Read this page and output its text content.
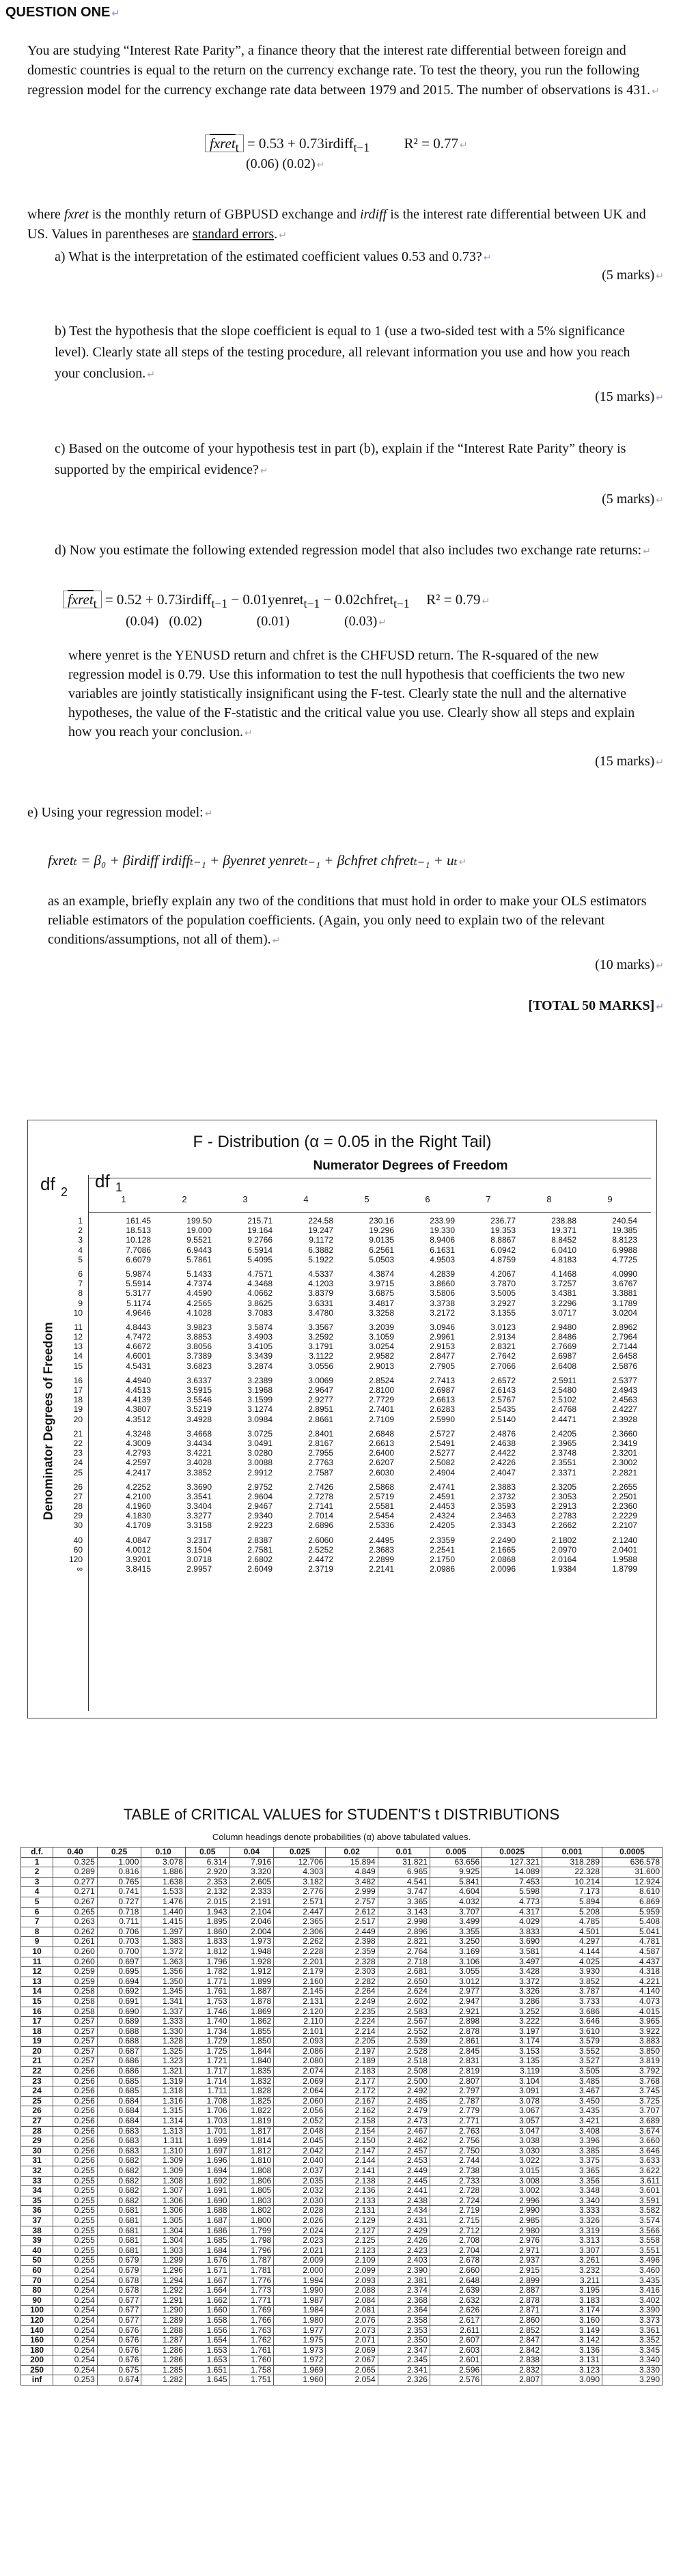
QUESTION ONE ↵
You are studying “Interest Rate Parity”, a finance theory that the interest rate differential between foreign and domestic countries is equal to the return on the currency exchange rate. To test the theory, you run the following regression model for the currency exchange rate data between 1979 and 2015. The number of observations is 431. ↵
fxret$_t$ = 0.53 + 0.73irdiff$_{t-1}$ R² = 0.77 ↵
(0.06) (0.02) ↵
where fxret is the monthly return of GBPUSD exchange and irdiff is the interest rate differential between UK and US. Values in parentheses are standard errors. ↵
a) What is the interpretation of the estimated coefficient values 0.53 and 0.73? ↵
(5 marks) ↵
b) Test the hypothesis that the slope coefficient is equal to 1 (use a two-sided test with a 5% significance level). Clearly state all steps of the testing procedure, all relevant information you use and how you reach your conclusion. ↵
(15 marks) ↵
c) Based on the outcome of your hypothesis test in part (b), explain if the “Interest Rate Parity” theory is supported by the empirical evidence? ↵
(5 marks) ↵
d) Now you estimate the following extended regression model that also includes two exchange rate returns: ↵
fxret$_t$ = 0.52 + 0.73irdiff$_{t-1}$ − 0.01yenret$_{t-1}$ − 0.02chfret$_{t-1}$ R² = 0.79 ↵
(0.04)   (0.02)                (0.01)                (0.03) ↵
where yenret is the YENUSD return and chfret is the CHFUSD return. The R-squared of the new regression model is 0.79. Use this information to test the null hypothesis that coefficients the two new variables are jointly statistically insignificant using the F-test. Clearly state the null and the alternative hypotheses, the value of the F-statistic and the critical value you use. Clearly show all steps and explain how you reach your conclusion. ↵
(15 marks) ↵
e) Using your regression model: ↵
fxretₜ = β₀ + βirdiff irdiffₜ₋₁ + βyenret yenretₜ₋₁ + βchfret chfretₜ₋₁ + uₜ ↵
as an example, briefly explain any two of the conditions that must hold in order to make your OLS estimators reliable estimators of the population coefficients. (Again, you only need to explain two of the relevant conditions/assumptions, not all of them). ↵
(10 marks) ↵
[TOTAL 50 MARKS] ↵
F - Distribution (α = 0.05 in the Right Tail)
Numerator Degrees of Freedom
df 2
df 1
Denominator Degrees of Freedom
1	2	3	4	5	6	7	8	9
1	161.45	199.50	215.71	224.58	230.16	233.99	236.77	238.88	240.54
2	18.513	19.000	19.164	19.247	19.296	19.330	19.353	19.371	19.385
3	10.128	9.5521	9.2766	9.1172	9.0135	8.9406	8.8867	8.8452	8.8123
4	7.7086	6.9443	6.5914	6.3882	6.2561	6.1631	6.0942	6.0410	6.9988
5	6.6079	5.7861	5.4095	5.1922	5.0503	4.9503	4.8759	4.8183	4.7725
6	5.9874	5.1433	4.7571	4.5337	4.3874	4.2839	4.2067	4.1468	4.0990
7	5.5914	4.7374	4.3468	4.1203	3.9715	3.8660	3.7870	3.7257	3.6767
8	5.3177	4.4590	4.0662	3.8379	3.6875	3.5806	3.5005	3.4381	3.3881
9	5.1174	4.2565	3.8625	3.6331	3.4817	3.3738	3.2927	3.2296	3.1789
10	4.9646	4.1028	3.7083	3.4780	3.3258	3.2172	3.1355	3.0717	3.0204
11	4.8443	3.9823	3.5874	3.3567	3.2039	3.0946	3.0123	2.9480	2.8962
12	4.7472	3.8853	3.4903	3.2592	3.1059	2.9961	2.9134	2.8486	2.7964
13	4.6672	3.8056	3.4105	3.1791	3.0254	2.9153	2.8321	2.7669	2.7144
14	4.6001	3.7389	3.3439	3.1122	2.9582	2.8477	2.7642	2.6987	2.6458
15	4.5431	3.6823	3.2874	3.0556	2.9013	2.7905	2.7066	2.6408	2.5876
16	4.4940	3.6337	3.2389	3.0069	2.8524	2.7413	2.6572	2.5911	2.5377
17	4.4513	3.5915	3.1968	2.9647	2.8100	2.6987	2.6143	2.5480	2.4943
18	4.4139	3.5546	3.1599	2.9277	2.7729	2.6613	2.5767	2.5102	2.4563
19	4.3807	3.5219	3.1274	2.8951	2.7401	2.6283	2.5435	2.4768	2.4227
20	4.3512	3.4928	3.0984	2.8661	2.7109	2.5990	2.5140	2.4471	2.3928
21	4.3248	3.4668	3.0725	2.8401	2.6848	2.5727	2.4876	2.4205	2.3660
22	4.3009	3.4434	3.0491	2.8167	2.6613	2.5491	2.4638	2.3965	2.3419
23	4.2793	3.4221	3.0280	2.7955	2.6400	2.5277	2.4422	2.3748	2.3201
24	4.2597	3.4028	3.0088	2.7763	2.6207	2.5082	2.4226	2.3551	2.3002
25	4.2417	3.3852	2.9912	2.7587	2.6030	2.4904	2.4047	2.3371	2.2821
26	4.2252	3.3690	2.9752	2.7426	2.5868	2.4741	2.3883	2.3205	2.2655
27	4.2100	3.3541	2.9604	2.7278	2.5719	2.4591	2.3732	2.3053	2.2501
28	4.1960	3.3404	2.9467	2.7141	2.5581	2.4453	2.3593	2.2913	2.2360
29	4.1830	3.3277	2.9340	2.7014	2.5454	2.4324	2.3463	2.2783	2.2229
30	4.1709	3.3158	2.9223	2.6896	2.5336	2.4205	2.3343	2.2662	2.2107
40	4.0847	3.2317	2.8387	2.6060	2.4495	2.3359	2.2490	2.1802	2.1240
60	4.0012	3.1504	2.7581	2.5252	2.3683	2.2541	2.1665	2.0970	2.0401
120	3.9201	3.0718	2.6802	2.4472	2.2899	2.1750	2.0868	2.0164	1.9588
∞	3.8415	2.9957	2.6049	2.3719	2.2141	2.0986	2.0096	1.9384	1.8799
TABLE of CRITICAL VALUES for STUDENT'S t DISTRIBUTIONS
Column headings denote probabilities (α) above tabulated values.
d.f.	0.40	0.25	0.10	0.05	0.04	0.025	0.02	0.01	0.005	0.0025	0.001	0.0005
1	0.325	1.000	3.078	6.314	7.916	12.706	15.894	31.821	63.656	127.321	318.289	636.578
2	0.289	0.816	1.886	2.920	3.320	4.303	4.849	6.965	9.925	14.089	22.328	31.600
3	0.277	0.765	1.638	2.353	2.605	3.182	3.482	4.541	5.841	7.453	10.214	12.924
4	0.271	0.741	1.533	2.132	2.333	2.776	2.999	3.747	4.604	5.598	7.173	8.610
5	0.267	0.727	1.476	2.015	2.191	2.571	2.757	3.365	4.032	4.773	5.894	6.869
6	0.265	0.718	1.440	1.943	2.104	2.447	2.612	3.143	3.707	4.317	5.208	5.959
7	0.263	0.711	1.415	1.895	2.046	2.365	2.517	2.998	3.499	4.029	4.785	5.408
8	0.262	0.706	1.397	1.860	2.004	2.306	2.449	2.896	3.355	3.833	4.501	5.041
9	0.261	0.703	1.383	1.833	1.973	2.262	2.398	2.821	3.250	3.690	4.297	4.781
10	0.260	0.700	1.372	1.812	1.948	2.228	2.359	2.764	3.169	3.581	4.144	4.587
11	0.260	0.697	1.363	1.796	1.928	2.201	2.328	2.718	3.106	3.497	4.025	4.437
12	0.259	0.695	1.356	1.782	1.912	2.179	2.303	2.681	3.055	3.428	3.930	4.318
13	0.259	0.694	1.350	1.771	1.899	2.160	2.282	2.650	3.012	3.372	3.852	4.221
14	0.258	0.692	1.345	1.761	1.887	2.145	2.264	2.624	2.977	3.326	3.787	4.140
15	0.258	0.691	1.341	1.753	1.878	2.131	2.249	2.602	2.947	3.286	3.733	4.073
16	0.258	0.690	1.337	1.746	1.869	2.120	2.235	2.583	2.921	3.252	3.686	4.015
17	0.257	0.689	1.333	1.740	1.862	2.110	2.224	2.567	2.898	3.222	3.646	3.965
18	0.257	0.688	1.330	1.734	1.855	2.101	2.214	2.552	2.878	3.197	3.610	3.922
19	0.257	0.688	1.328	1.729	1.850	2.093	2.205	2.539	2.861	3.174	3.579	3.883
20	0.257	0.687	1.325	1.725	1.844	2.086	2.197	2.528	2.845	3.153	3.552	3.850
21	0.257	0.686	1.323	1.721	1.840	2.080	2.189	2.518	2.831	3.135	3.527	3.819
22	0.256	0.686	1.321	1.717	1.835	2.074	2.183	2.508	2.819	3.119	3.505	3.792
23	0.256	0.685	1.319	1.714	1.832	2.069	2.177	2.500	2.807	3.104	3.485	3.768
24	0.256	0.685	1.318	1.711	1.828	2.064	2.172	2.492	2.797	3.091	3.467	3.745
25	0.256	0.684	1.316	1.708	1.825	2.060	2.167	2.485	2.787	3.078	3.450	3.725
26	0.256	0.684	1.315	1.706	1.822	2.056	2.162	2.479	2.779	3.067	3.435	3.707
27	0.256	0.684	1.314	1.703	1.819	2.052	2.158	2.473	2.771	3.057	3.421	3.689
28	0.256	0.683	1.313	1.701	1.817	2.048	2.154	2.467	2.763	3.047	3.408	3.674
29	0.256	0.683	1.311	1.699	1.814	2.045	2.150	2.462	2.756	3.038	3.396	3.660
30	0.256	0.683	1.310	1.697	1.812	2.042	2.147	2.457	2.750	3.030	3.385	3.646
31	0.256	0.682	1.309	1.696	1.810	2.040	2.144	2.453	2.744	3.022	3.375	3.633
32	0.255	0.682	1.309	1.694	1.808	2.037	2.141	2.449	2.738	3.015	3.365	3.622
33	0.255	0.682	1.308	1.692	1.806	2.035	2.138	2.445	2.733	3.008	3.356	3.611
34	0.255	0.682	1.307	1.691	1.805	2.032	2.136	2.441	2.728	3.002	3.348	3.601
35	0.255	0.682	1.306	1.690	1.803	2.030	2.133	2.438	2.724	2.996	3.340	3.591
36	0.255	0.681	1.306	1.688	1.802	2.028	2.131	2.434	2.719	2.990	3.333	3.582
37	0.255	0.681	1.305	1.687	1.800	2.026	2.129	2.431	2.715	2.985	3.326	3.574
38	0.255	0.681	1.304	1.686	1.799	2.024	2.127	2.429	2.712	2.980	3.319	3.566
39	0.255	0.681	1.304	1.685	1.798	2.023	2.125	2.426	2.708	2.976	3.313	3.558
40	0.255	0.681	1.303	1.684	1.796	2.021	2.123	2.423	2.704	2.971	3.307	3.551
50	0.255	0.679	1.299	1.676	1.787	2.009	2.109	2.403	2.678	2.937	3.261	3.496
60	0.254	0.679	1.296	1.671	1.781	2.000	2.099	2.390	2.660	2.915	3.232	3.460
70	0.254	0.678	1.294	1.667	1.776	1.994	2.093	2.381	2.648	2.899	3.211	3.435
80	0.254	0.678	1.292	1.664	1.773	1.990	2.088	2.374	2.639	2.887	3.195	3.416
90	0.254	0.677	1.291	1.662	1.771	1.987	2.084	2.368	2.632	2.878	3.183	3.402
100	0.254	0.677	1.290	1.660	1.769	1.984	2.081	2.364	2.626	2.871	3.174	3.390
120	0.254	0.677	1.289	1.658	1.766	1.980	2.076	2.358	2.617	2.860	3.160	3.373
140	0.254	0.676	1.288	1.656	1.763	1.977	2.073	2.353	2.611	2.852	3.149	3.361
160	0.254	0.676	1.287	1.654	1.762	1.975	2.071	2.350	2.607	2.847	3.142	3.352
180	0.254	0.676	1.286	1.653	1.761	1.973	2.069	2.347	2.603	2.842	3.136	3.345
200	0.254	0.676	1.286	1.653	1.760	1.972	2.067	2.345	2.601	2.838	3.131	3.340
250	0.254	0.675	1.285	1.651	1.758	1.969	2.065	2.341	2.596	2.832	3.123	3.330
inf	0.253	0.674	1.282	1.645	1.751	1.960	2.054	2.326	2.576	2.807	3.090	3.290
